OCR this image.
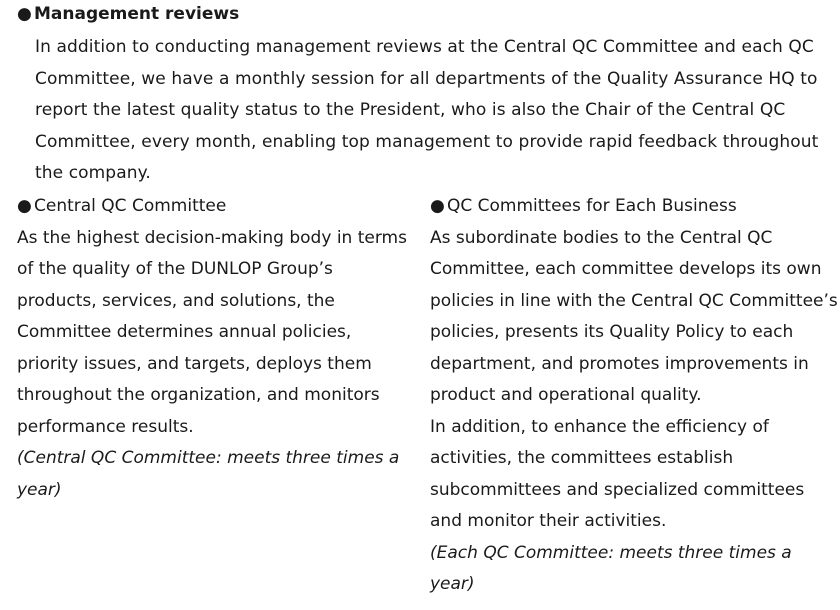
● Management reviews

In addition to conducting management reviews at the Central QC Committee and each QC Committee, we have a monthly session for all departments of the Quality Assurance HQ to report the latest quality status to the President, who is also the Chair of the Central QC Committee, every month, enabling top management to provide rapid feedback throughout the company.

● Central QC Committee

As the highest decision-making body in terms of the quality of the DUNLOP Group’s products, services, and solutions, the Committee determines annual policies, priority issues, and targets, deploys them throughout the organization, and monitors performance results.

(Central QC Committee: meets three times a year)

● QC Committees for Each Business

As subordinate bodies to the Central QC Committee, each committee develops its own policies in line with the Central QC Committee’s policies, presents its Quality Policy to each department, and promotes improvements in product and operational quality.

In addition, to enhance the efficiency of activities, the committees establish subcommittees and specialized committees and monitor their activities.

(Each QC Committee: meets three times a year)
